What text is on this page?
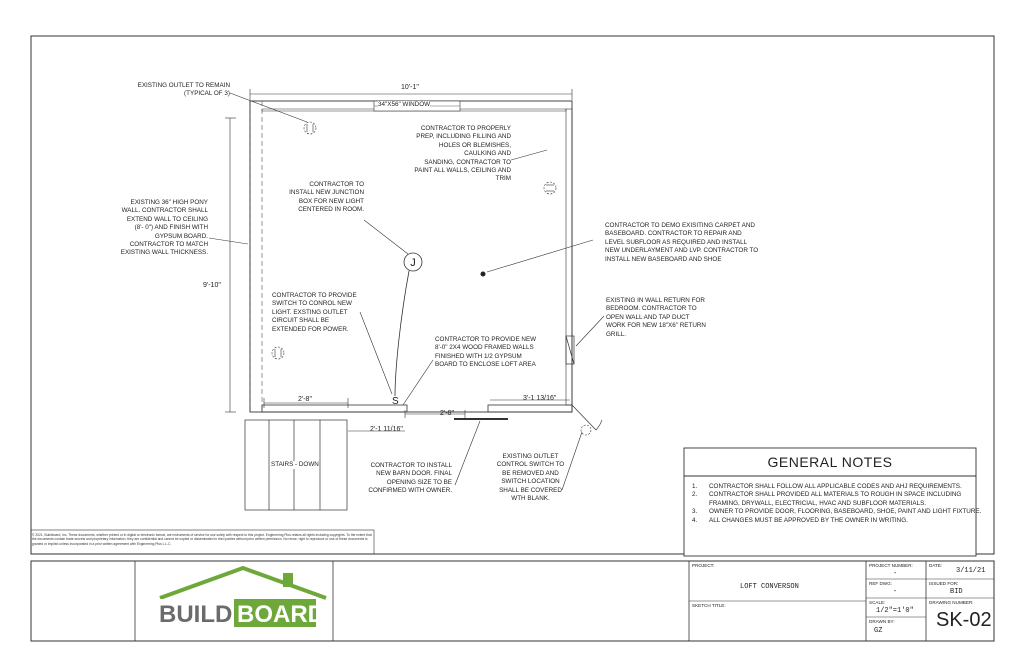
BUILD BOARD
J
S
10'-1"
9'-10"
2'-8"
2'-1 11/16"
2'-8"
3'-1 13/16"
34"X56" WINDOW
STAIRS - DOWN
EXISTING OUTLET TO REMAIN
(TYPICAL OF 3)
EXISTING 36" HIGH PONY
WALL. CONTRACTOR SHALL
EXTEND WALL TO CEILING
(8'- 0") AND FINISH WITH
GYPSUM BOARD.
CONTRACTOR TO MATCH
EXISTING WALL THICKNESS.
CONTRACTOR TO
INSTALL NEW JUNCTION
BOX FOR NEW LIGHT
CENTERED IN ROOM.
CONTRACTOR TO PROPERLY
PREP, INCLUDING FILLING AND
HOLES OR BLEMISHES,
CAULKING AND
SANDING, CONTRACTOR TO
PAINT ALL WALLS, CEILING AND
TRIM
CONTRACTOR TO DEMO EXISITING CARPET AND
BASEBOARD. CONTRACTOR TO REPAIR AND
LEVEL SUBFLOOR AS REQUIRED AND INSTALL
NEW UNDERLAYMENT AND LVP. CONTRACTOR TO
INSTALL NEW BASEBOARD AND SHOE
EXISTING IN WALL RETURN FOR
BEDROOM. CONTRACTOR TO
OPEN WALL AND TAP DUCT
WORK FOR NEW 18"X6" RETURN
GRILL.
CONTRACTOR TO PROVIDE
SWITCH TO CONROL NEW
LIGHT. EXSTING OUTLET
CIRCUIT SHALL BE
EXTENDED FOR POWER.
CONTRACTOR TO PROVIDE NEW
8'-0" 2X4 WOOD FRAMED WALLS
FINISHED WITH 1/2 GYPSUM
BOARD TO ENCLOSE LOFT AREA
CONTRACTOR TO INSTALL
NEW BARN DOOR. FINAL
OPENING SIZE TO BE
CONFIRMED WITH OWNER.
EXISTING OUTLET
CONTROL SWITCH TO
BE REMOVED AND
SWITCH LOCATION
SHALL BE COVERED
WTH BLANK.
GENERAL NOTES
1. CONTRACTOR SHALL FOLLOW ALL APPLICABLE CODES AND AHJ REQUIREMENTS.
2. CONTRACTOR SHALL PROVIDED ALL MATERIALS TO ROUGH IN SPACE INCLUDING
FRAMING, DRYWALL, ELECTRICIAL, HVAC AND SUBFLOOR MATERIALS.
3. OWNER TO PROVIDE DOOR, FLOORING, BASEBOARD, SHOE, PAINT AND LIGHT FIXTURE.
4. ALL CHANGES MUST BE APPROVED BY THE OWNER IN WRITING.
© 2021, Buildboard, Inc. These documents, whether printed or in digital or electronic format, are instruments of service for use solely with respect to this project. Engineering Plus retains all rights including copyrights. To the extent that the documents contain trade secrets and proprietary information, they are confidential and cannot be copied or disseminated to third parties without prior written permission. No reuse, right to reproduce or use of these documents is granted or implied unless incorporated in a prior written agreement with Engineering Plus L.L.C.
PROJECT:
LOFT CONVERSON
SKETCH TITLE:
PROJECT NUMBER:
-
DATE:
3/11/21
REF DWG:
-
ISSUED FOR:
BID
SCALE:
1/2"=1'0"
DRAWING NUMBER:
SK-02
DRAWN BY:
GZ
